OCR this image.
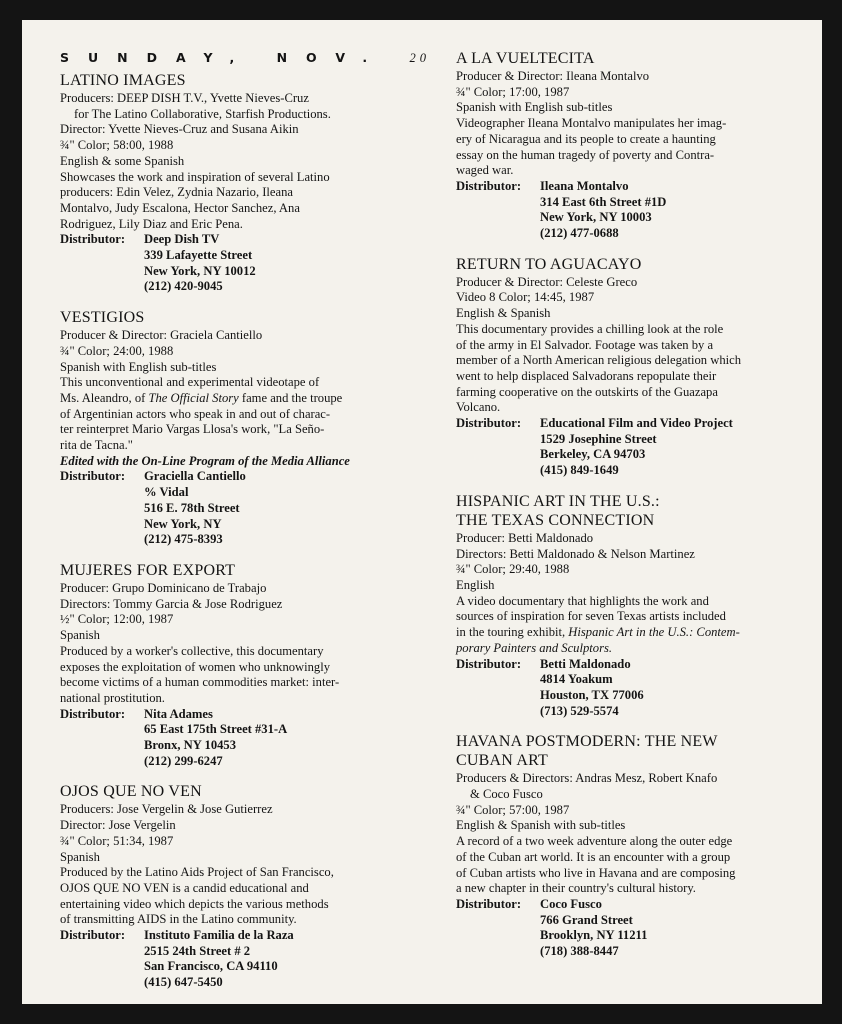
SUNDAY, NOV. 20
LATINO IMAGES
Producers: DEEP DISH T.V., Yvette Nieves-Cruz
for The Latino Collaborative, Starfish Productions.
Director: Yvette Nieves-Cruz and Susana Aikin
¾" Color; 58:00, 1988
English & some Spanish
Showcases the work and inspiration of several Latino
producers: Edin Velez, Zydnia Nazario, Ileana
Montalvo, Judy Escalona, Hector Sanchez, Ana
Rodriguez, Lily Diaz and Eric Pena.
Distributor:	Deep Dish TV
339 Lafayette Street
New York, NY 10012
(212) 420-9045
VESTIGIOS
Producer & Director: Graciela Cantiello
¾" Color; 24:00, 1988
Spanish with English sub-titles
This unconventional and experimental videotape of
Ms. Aleandro, of The Official Story fame and the troupe
of Argentinian actors who speak in and out of charac-
ter reinterpret Mario Vargas Llosa's work, "La Seño-
rita de Tacna."
Edited with the On-Line Program of the Media Alliance
Distributor:	Graciella Cantiello
% Vidal
516 E. 78th Street
New York, NY
(212) 475-8393
MUJERES FOR EXPORT
Producer: Grupo Dominicano de Trabajo
Directors: Tommy Garcia & Jose Rodriguez
½" Color; 12:00, 1987
Spanish
Produced by a worker's collective, this documentary
exposes the exploitation of women who unknowingly
become victims of a human commodities market: inter-
national prostitution.
Distributor:	Nita Adames
65 East 175th Street #31-A
Bronx, NY 10453
(212) 299-6247
OJOS QUE NO VEN
Producers: Jose Vergelin & Jose Gutierrez
Director: Jose Vergelin
¾" Color; 51:34, 1987
Spanish
Produced by the Latino Aids Project of San Francisco,
OJOS QUE NO VEN is a candid educational and
entertaining video which depicts the various methods
of transmitting AIDS in the Latino community.
Distributor:	Instituto Familia de la Raza
2515 24th Street # 2
San Francisco, CA 94110
(415) 647-5450
A LA VUELTECITA
Producer & Director: Ileana Montalvo
¾" Color; 17:00, 1987
Spanish with English sub-titles
Videographer Ileana Montalvo manipulates her imag-
ery of Nicaragua and its people to create a haunting
essay on the human tragedy of poverty and Contra-
waged war.
Distributor:	Ileana Montalvo
314 East 6th Street #1D
New York, NY 10003
(212) 477-0688
RETURN TO AGUACAYO
Producer & Director: Celeste Greco
Video 8 Color; 14:45, 1987
English & Spanish
This documentary provides a chilling look at the role
of the army in El Salvador. Footage was taken by a
member of a North American religious delegation which
went to help displaced Salvadorans repopulate their
farming cooperative on the outskirts of the Guazapa
Volcano.
Distributor:	Educational Film and Video Project
1529 Josephine Street
Berkeley, CA 94703
(415) 849-1649
HISPANIC ART IN THE U.S.:
THE TEXAS CONNECTION
Producer: Betti Maldonado
Directors: Betti Maldonado & Nelson Martinez
¾" Color; 29:40, 1988
English
A video documentary that highlights the work and
sources of inspiration for seven Texas artists included
in the touring exhibit, Hispanic Art in the U.S.: Contem-
porary Painters and Sculptors.
Distributor:	Betti Maldonado
4814 Yoakum
Houston, TX 77006
(713) 529-5574
HAVANA POSTMODERN: THE NEW
CUBAN ART
Producers & Directors: Andras Mesz, Robert Knafo
& Coco Fusco
¾" Color; 57:00, 1987
English & Spanish with sub-titles
A record of a two week adventure along the outer edge
of the Cuban art world. It is an encounter with a group
of Cuban artists who live in Havana and are composing
a new chapter in their country's cultural history.
Distributor:	Coco Fusco
766 Grand Street
Brooklyn, NY 11211
(718) 388-8447
